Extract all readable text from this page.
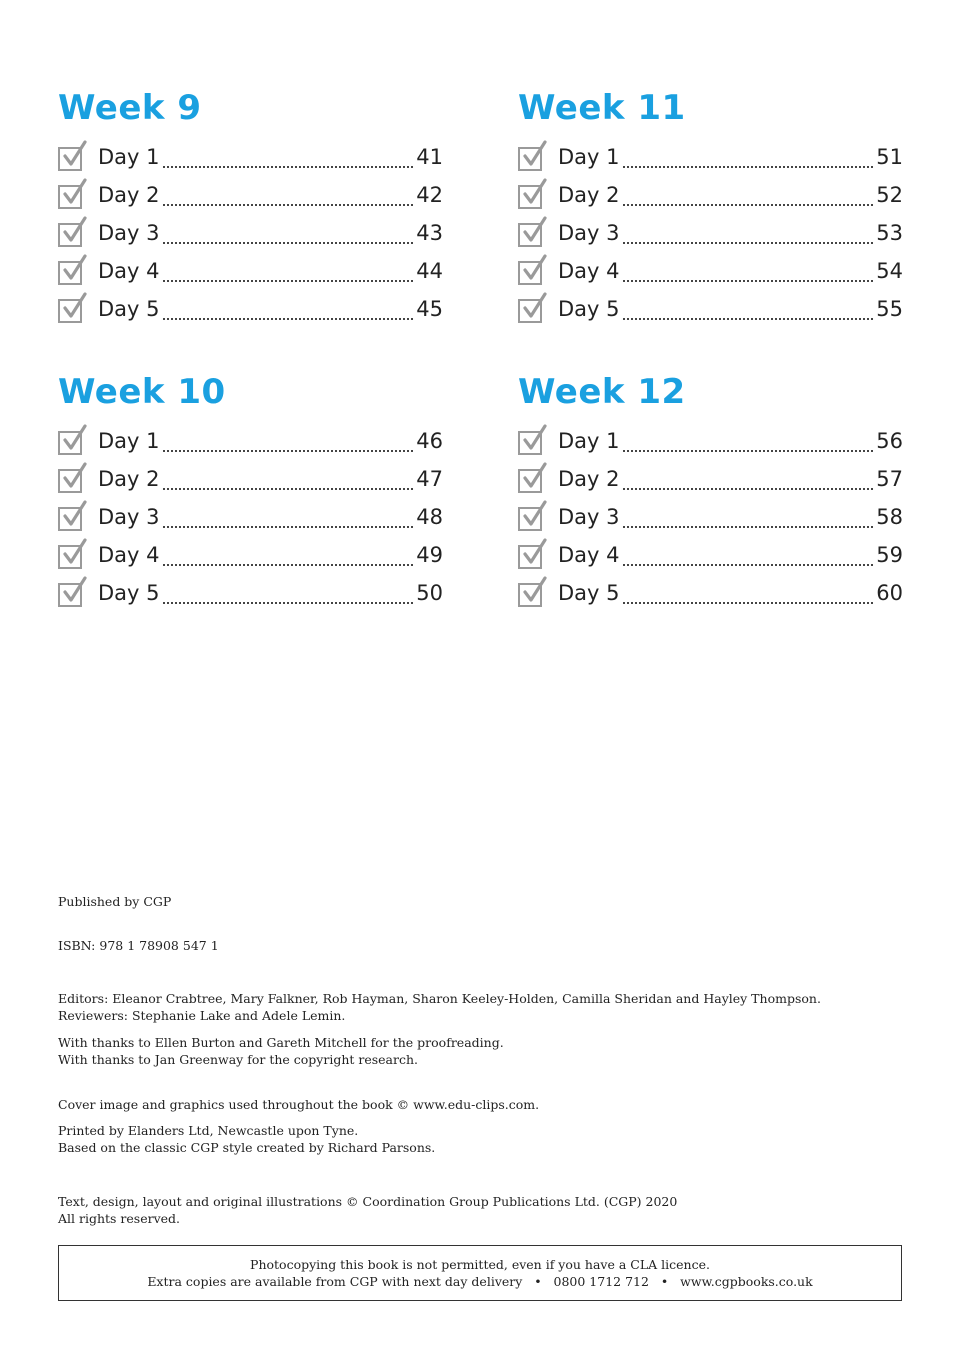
Week 9
Day 1	41
Day 2	42
Day 3	43
Day 4	44
Day 5	45
Week 11
Day 1	51
Day 2	52
Day 3	53
Day 4	54
Day 5	55
Week 10
Day 1	46
Day 2	47
Day 3	48
Day 4	49
Day 5	50
Week 12
Day 1	56
Day 2	57
Day 3	58
Day 4	59
Day 5	60
Published by CGP
ISBN: 978 1 78908 547 1
Editors: Eleanor Crabtree, Mary Falkner, Rob Hayman, Sharon Keeley-Holden, Camilla Sheridan and Hayley Thompson.
Reviewers: Stephanie Lake and Adele Lemin.
With thanks to Ellen Burton and Gareth Mitchell for the proofreading.
With thanks to Jan Greenway for the copyright research.
Cover image and graphics used throughout the book © www.edu-clips.com.
Printed by Elanders Ltd, Newcastle upon Tyne.
Based on the classic CGP style created by Richard Parsons.
Text, design, layout and original illustrations © Coordination Group Publications Ltd. (CGP) 2020
All rights reserved.
Photocopying this book is not permitted, even if you have a CLA licence.
Extra copies are available from CGP with next day delivery   •   0800 1712 712   •   www.cgpbooks.co.uk
